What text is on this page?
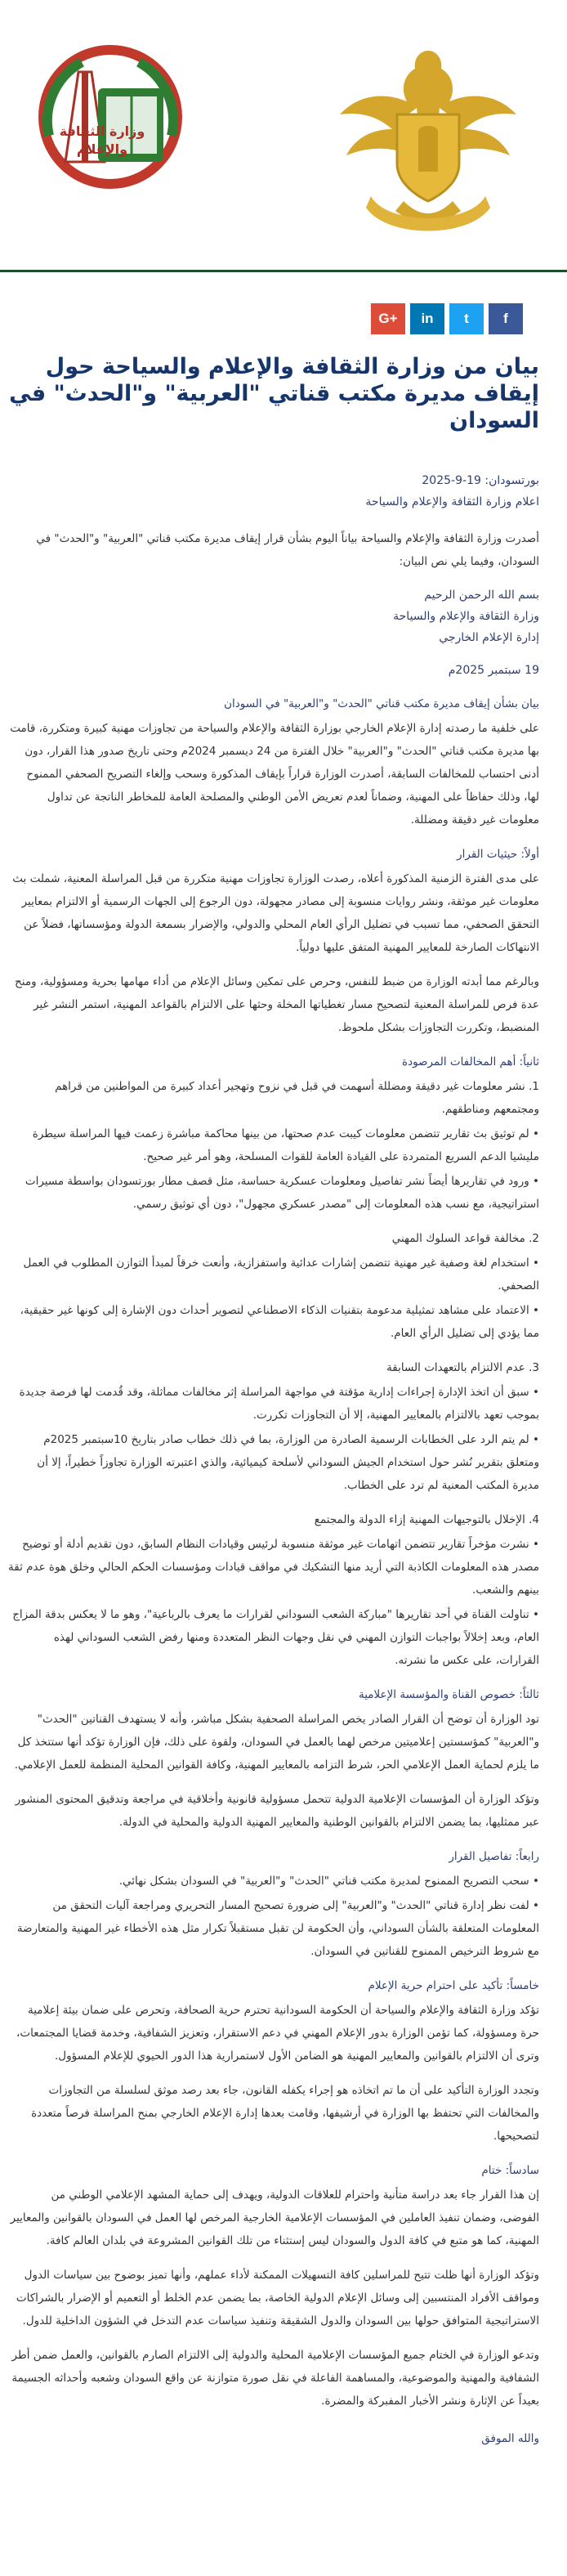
وزارة الثقافة والإعلام
G+	in	t	f
بيان من وزارة الثقافة والإعلام والسياحة حول إيقاف مديرة مكتب قناتي "العربية" و"الحدث" في السودان
بورتسودان: 19-9-2025
اعلام وزارة الثقافة والإعلام والسياحة

أصدرت وزارة الثقافة والإعلام والسياحة بياناً اليوم بشأن قرار إيقاف مديرة مكتب قناتي "العربية" و"الحدث" في السودان، وفيما يلي نص البيان:

بسم الله الرحمن الرحيم
وزارة الثقافة والإعلام والسياحة
إدارة الإعلام الخارجي
19 سبتمبر 2025م

بيان بشأن إيقاف مديرة مكتب قناتي "الحدث" و"العربية" في السودان

على خلفية ما رصدته إدارة الإعلام الخارجي بوزارة الثقافة والإعلام والسياحة من تجاوزات مهنية كبيرة ومتكررة، قامت بها مديرة مكتب قناتي "الحدث" و"العربية" خلال الفترة من 24 ديسمبر 2024م وحتى تاريخ صدور هذا القرار، دون أدنى احتساب للمخالفات السابقة، أصدرت الوزارة قراراً بإيقاف المذكورة وسحب وإلغاء التصريح الصحفي الممنوح لها، وذلك حفاظاً على المهنية، وضماناً لعدم تعريض الأمن الوطني والمصلحة العامة للمخاطر الناتجة عن تداول معلومات غير دقيقة ومضللة.

أولاً: حيثيات القرار

على مدى الفترة الزمنية المذكورة أعلاه، رصدت الوزارة تجاوزات مهنية متكررة من قبل المراسلة المعنية، شملت بث معلومات غير موثقة، ونشر روايات منسوبة إلى مصادر مجهولة، دون الرجوع إلى الجهات الرسمية أو الالتزام بمعايير التحقق الصحفي، مما تسبب في تضليل الرأي العام المحلي والدولي، والإضرار بسمعة الدولة ومؤسساتها، فضلاً عن الانتهاكات الصارخة للمعايير المهنية المتفق عليها دولياً.

وبالرغم مما أبدته الوزارة من ضبط للنفس، وحرص على تمكين وسائل الإعلام من أداء مهامها بحرية ومسؤولية، ومنح عدة فرص للمراسلة المعنية لتصحيح مسار تغطياتها المخلة وحثها على الالتزام بالقواعد المهنية، استمر النشر غير المنضبط، وتكررت التجاوزات بشكل ملحوظ.

ثانياً: أهم المخالفات المرصودة

1. نشر معلومات غير دقيقة ومضللة أسهمت في قبل في نزوح وتهجير أعداد كبيرة من المواطنين من قراهم ومجتمعهم ومناطقهم.

• لم توثيق بث تقارير تتضمن معلومات كيبت عدم صحتها، من بينها محاكمة مباشرة زعمت فيها المراسلة سيطرة مليشيا الدعم السريع المتمردة على القيادة العامة للقوات المسلحة، وهو أمر غير صحيح.

• ورود في تقاريرها أيضاً نشر تفاصيل ومعلومات عسكرية حساسة، مثل قصف مطار بورتسودان بواسطة مسيرات استراتيجية، مع نسب هذه المعلومات إلى "مصدر عسكري مجهول"، دون أي توثيق رسمي.

2. مخالفة قواعد السلوك المهني

• استخدام لغة وصفية غير مهنية تتضمن إشارات عدائية واستفزازية، وأنعت خرقاً لمبدأ التوازن المطلوب في العمل الصحفي.

• الاعتماد على مشاهد تمثيلية مدعومة بتقنيات الذكاء الاصطناعي لتصوير أحداث دون الإشارة إلى كونها غير حقيقية، مما يؤدي إلى تضليل الرأي العام.

3. عدم الالتزام بالتعهدات السابقة

• سبق أن اتخذ الإدارة إجراءات إدارية مؤقتة في مواجهة المراسلة إثر مخالفات مماثلة، وقد قُدمت لها فرصة جديدة بموجب تعهد بالالتزام بالمعايير المهنية، إلا أن التجاوزات تكررت.

• لم يتم الرد على الخطابات الرسمية الصادرة من الوزارة، بما في ذلك خطاب صادر بتاريخ 10سبتمبر 2025م ومتعلق بتقرير نُشر حول استخدام الجيش السوداني لأسلحة كيميائية، والذي اعتبرته الوزارة تجاوزاً خطيراً، إلا أن مديرة المكتب المعنية لم ترد على الخطاب.

4. الإخلال بالتوجيهات المهنية إزاء الدولة والمجتمع

• نشرت مؤخراً تقارير تتضمن اتهامات غير موثقة منسوبة لرئيس وقيادات النظام السابق، دون تقديم أدلة أو توضيح مصدر هذه المعلومات الكاذبة التي أريد منها التشكيك في مواقف قيادات ومؤسسات الحكم الحالي وخلق هوة عدم ثقة بينهم والشعب.

• تناولت القناة في أحد تقاريرها "مباركة الشعب السوداني لقرارات ما يعرف بالرباعية"، وهو ما لا يعكس بدقة المزاج العام، وبعد إخلالاً بواجبات التوازن المهني في نقل وجهات النظر المتعددة ومنها رفض الشعب السوداني لهذه القرارات، على عكس ما نشرته.

ثالثاً: خصوص القناة والمؤسسة الإعلامية

تود الوزارة أن توضح أن القرار الصادر يخص المراسلة الصحفية بشكل مباشر، وأنه لا يستهدف القناتين "الحدث" و"العربية" كمؤسستين إعلاميتين مرخص لهما بالعمل في السودان، ولقوة على ذلك، فإن الوزارة تؤكد أنها ستتخذ كل ما يلزم لحماية العمل الإعلامي الحر، شرط التزامه بالمعايير المهنية، وكافة القوانين المحلية المنظمة للعمل الإعلامي.

وتؤكد الوزارة أن المؤسسات الإعلامية الدولية تتحمل مسؤولية قانونية وأخلاقية في مراجعة وتدقيق المحتوى المنشور عبر ممثليها، بما يضمن الالتزام بالقوانين الوطنية والمعايير المهنية الدولية والمحلية في الدولة.

رابعاً: تفاصيل القرار

• سحب التصريح الممنوح لمديرة مكتب قناتي "الحدث" و"العربية" في السودان بشكل نهائي.

• لفت نظر إدارة قناتي "الحدث" و"العربية" إلى ضرورة تصحيح المسار التحريري ومراجعة آليات التحقق من المعلومات المتعلقة بالشأن السوداني، وأن الحكومة لن تقبل مستقبلاً تكرار مثل هذه الأخطاء غير المهنية والمتعارضة مع شروط الترخيص الممنوح للقناتين في السودان.

خامساً: تأكيد على احترام حرية الإعلام

تؤكد وزارة الثقافة والإعلام والسياحة أن الحكومة السودانية تحترم حرية الصحافة، وتحرص على ضمان بيئة إعلامية حرة ومسؤولة، كما تؤمن الوزارة بدور الإعلام المهني في دعم الاستقرار، وتعزيز الشفافية، وخدمة قضايا المجتمعات، وترى أن الالتزام بالقوانين والمعايير المهنية هو الضامن الأول لاستمرارية هذا الدور الحيوي للإعلام المسؤول.

وتجدد الوزارة التأكيد على أن ما تم اتخاذه هو إجراء يكفله القانون، جاء بعد رصد موثق لسلسلة من التجاوزات والمخالفات التي تحتفظ بها الوزارة في أرشيفها، وقامت بعدها إدارة الإعلام الخارجي بمنح المراسلة فرصاً متعددة لتصحيحها.

سادساً: ختام

إن هذا القرار جاء بعد دراسة متأنية واحترام للعلاقات الدولية، ويهدف إلى حماية المشهد الإعلامي الوطني من الفوضى، وضمان تنفيذ العاملين في المؤسسات الإعلامية الخارجية المرخص لها العمل في السودان بالقوانين والمعايير المهنية، كما هو متبع في كافة الدول والسودان ليس إستثناء من تلك القوانين المشروعة في بلدان العالم كافة.

وتؤكد الوزارة أنها ظلت تتيح للمراسلين كافة التسهيلات الممكنة لأداء عملهم، وأنها تميز بوضوح بين سياسات الدول ومواقف الأفراد المنتسبين إلى وسائل الإعلام الدولية الخاصة، بما يضمن عدم الخلط أو التعميم أو الإضرار بالشراكات الاستراتيجية المتوافق حولها بين السودان والدول الشقيقة وتنفيذ سياسات عدم التدخل في الشؤون الداخلية للدول.

وتدعو الوزارة في الختام جميع المؤسسات الإعلامية المحلية والدولية إلى الالتزام الصارم بالقوانين، والعمل ضمن أطر الشفافية والمهنية والموضوعية، والمساهمة الفاعلة في نقل صورة متوازنة عن واقع السودان وشعبه وأحداثه الجسيمة بعيداً عن الإثارة ونشر الأخبار المفبركة والمضرة.

والله الموفق
